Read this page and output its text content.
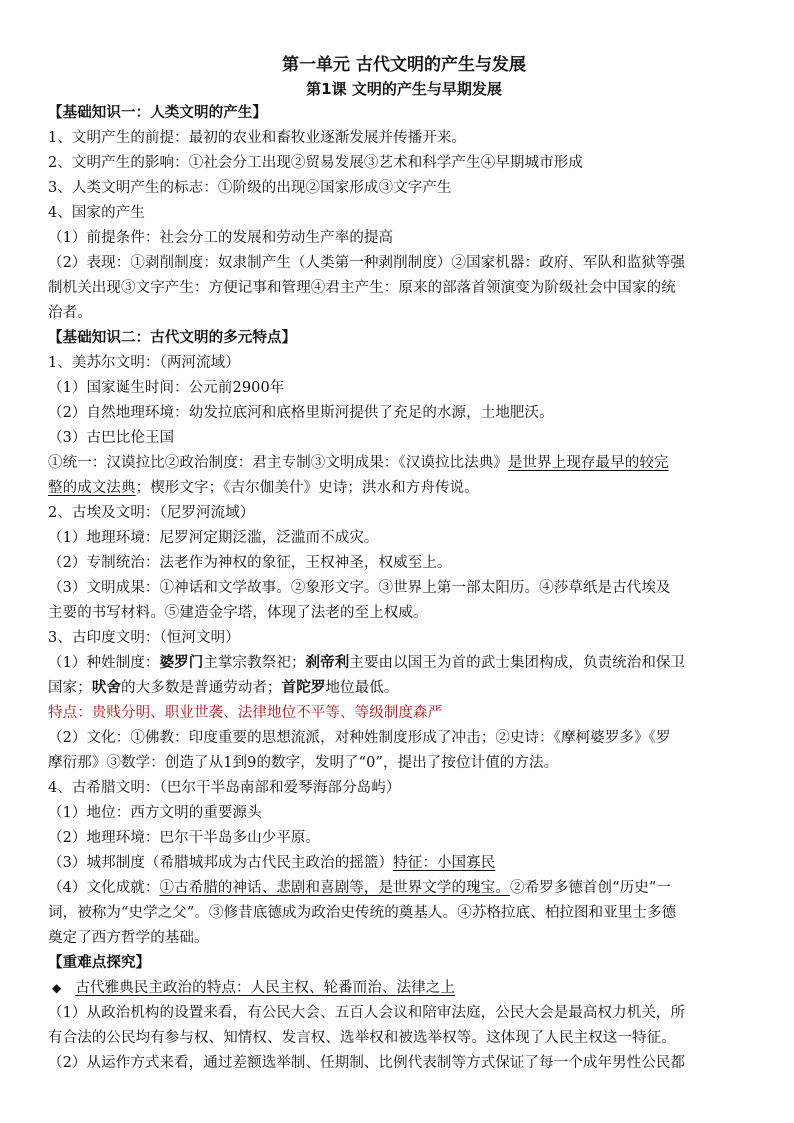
第一单元 古代文明的产生与发展
第1课 文明的产生与早期发展
【基础知识一：人类文明的产生】
1、文明产生的前提：最初的农业和畜牧业逐渐发展并传播开来。
2、文明产生的影响：①社会分工出现②贸易发展③艺术和科学产生④早期城市形成
3、人类文明产生的标志：①阶级的出现②国家形成③文字产生
4、国家的产生
（1）前提条件：社会分工的发展和劳动生产率的提高
（2）表现：①剥削制度：奴隶制产生（人类第一种剥削制度）②国家机器：政府、军队和监狱等强
制机关出现③文字产生：方便记事和管理④君主产生：原来的部落首领演变为阶级社会中国家的统
治者。
【基础知识二：古代文明的多元特点】
1、美苏尔文明：（两河流域）
（1）国家诞生时间：公元前2900年
（2）自然地理环境：幼发拉底河和底格里斯河提供了充足的水源，土地肥沃。
（3）古巴比伦王国
①统一：汉谟拉比②政治制度：君主专制③文明成果：《汉谟拉比法典》是世界上现存最早的较完
整的成文法典；楔形文字；《吉尔伽美什》史诗；洪水和方舟传说。
2、古埃及文明：（尼罗河流域）
（1）地理环境：尼罗河定期泛滥，泛滥而不成灾。
（2）专制统治：法老作为神权的象征，王权神圣，权威至上。
（3）文明成果：①神话和文学故事。②象形文字。③世界上第一部太阳历。④莎草纸是古代埃及
主要的书写材料。⑤建造金字塔，体现了法老的至上权威。
3、古印度文明：（恒河文明）
（1）种姓制度：婆罗门主掌宗教祭祀；刹帝利主要由以国王为首的武士集团构成，负责统治和保卫
国家；吠舍的大多数是普通劳动者；首陀罗地位最低。
特点：贵贱分明、职业世袭、法律地位不平等、等级制度森严
（2）文化：①佛教：印度重要的思想流派，对种姓制度形成了冲击；②史诗：《摩柯婆罗多》《罗
摩衍那》③数学：创造了从1到9的数字，发明了“0”，提出了按位计值的方法。
4、古希腊文明：（巴尔干半岛南部和爱琴海部分岛屿）
（1）地位：西方文明的重要源头
（2）地理环境：巴尔干半岛多山少平原。
（3）城邦制度（希腊城邦成为古代民主政治的摇篮）特征：小国寡民
（4）文化成就：①古希腊的神话、悲剧和喜剧等，是世界文学的瑰宝。②希罗多德首创“历史”一
词，被称为“史学之父”。③修昔底德成为政治史传统的奠基人。④苏格拉底、柏拉图和亚里士多德
奠定了西方哲学的基础。
【重难点探究】
◆ 古代雅典民主政治的特点：人民主权、轮番而治、法律之上
（1）从政治机构的设置来看，有公民大会、五百人会议和陪审法庭，公民大会是最高权力机关，所
有合法的公民均有参与权、知情权、发言权、选举权和被选举权等。这体现了人民主权这一特征。
（2）从运作方式来看，通过差额选举制、任期制、比例代表制等方式保证了每一个成年男性公民都
